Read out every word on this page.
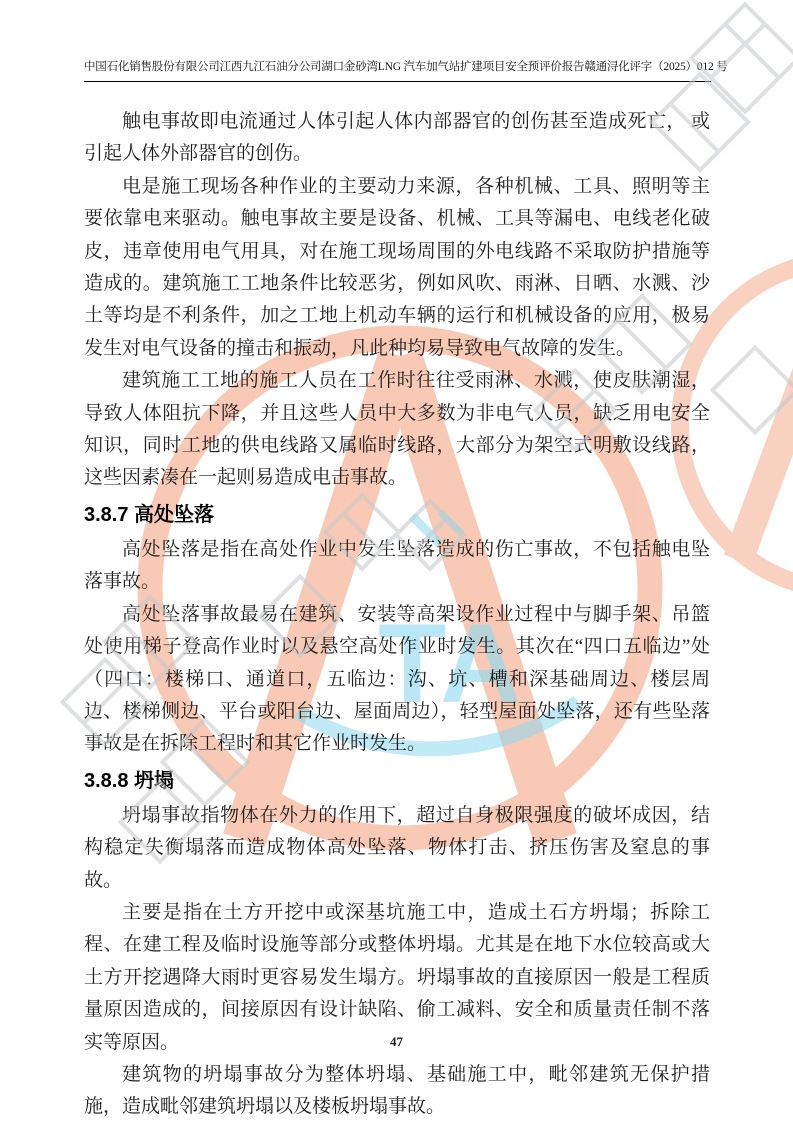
TA
中国石化销售股份有限公司江西九江石油分公司湖口金砂湾LNG 汽车加气站扩建项目安全预评价报告 赣通浔化评字（2025）012 号

触电事故即电流通过人体引起人体内部器官的创伤甚至造成死亡， 或引起人体外部器官的创伤。

电是施工现场各种作业的主要动力来源，各种机械、工具、照明等主要依靠电来驱动。触电事故主要是设备、机械、工具等漏电、电线老化破皮，违章使用电气用具，对在施工现场周围的外电线路不采取防护措施等造成的。建筑施工工地条件比较恶劣，例如风吹、雨淋、日晒、水溅、沙土等均是不利条件，加之工地上机动车辆的运行和机械设备的应用，极易发生对电气设备的撞击和振动，凡此种均易导致电气故障的发生。

建筑施工工地的施工人员在工作时往往受雨淋、水溅，使皮肤潮湿，导致人体阻抗下降，并且这些人员中大多数为非电气人员，缺乏用电安全知识，同时工地的供电线路又属临时线路，大部分为架空式明敷设线路，这些因素凑在一起则易造成电击事故。

3.8.7 高处坠落

高处坠落是指在高处作业中发生坠落造成的伤亡事故，不包括触电坠落事故。

高处坠落事故最易在建筑、安装等高架设作业过程中与脚手架、吊篮处使用梯子登高作业时以及悬空高处作业时发生。其次在“四口五临边”处（四口：楼梯口、通道口，五临边：沟、坑、槽和深基础周边、楼层周边、楼梯侧边、平台或阳台边、屋面周边），轻型屋面处坠落，还有些坠落事故是在拆除工程时和其它作业时发生。

3.8.8 坍塌

坍塌事故指物体在外力的作用下，超过自身极限强度的破坏成因，结构稳定失衡塌落而造成物体高处坠落、物体打击、挤压伤害及窒息的事故。

主要是指在土方开挖中或深基坑施工中，造成土石方坍塌；拆除工程、在建工程及临时设施等部分或整体坍塌。尤其是在地下水位较高或大土方开挖遇降大雨时更容易发生塌方。坍塌事故的直接原因一般是工程质量原因造成的，间接原因有设计缺陷、偷工减料、安全和质量责任制不落实等原因。

建筑物的坍塌事故分为整体坍塌、基础施工中，毗邻建筑无保护措施，造成毗邻建筑坍塌以及楼板坍塌事故。

47
